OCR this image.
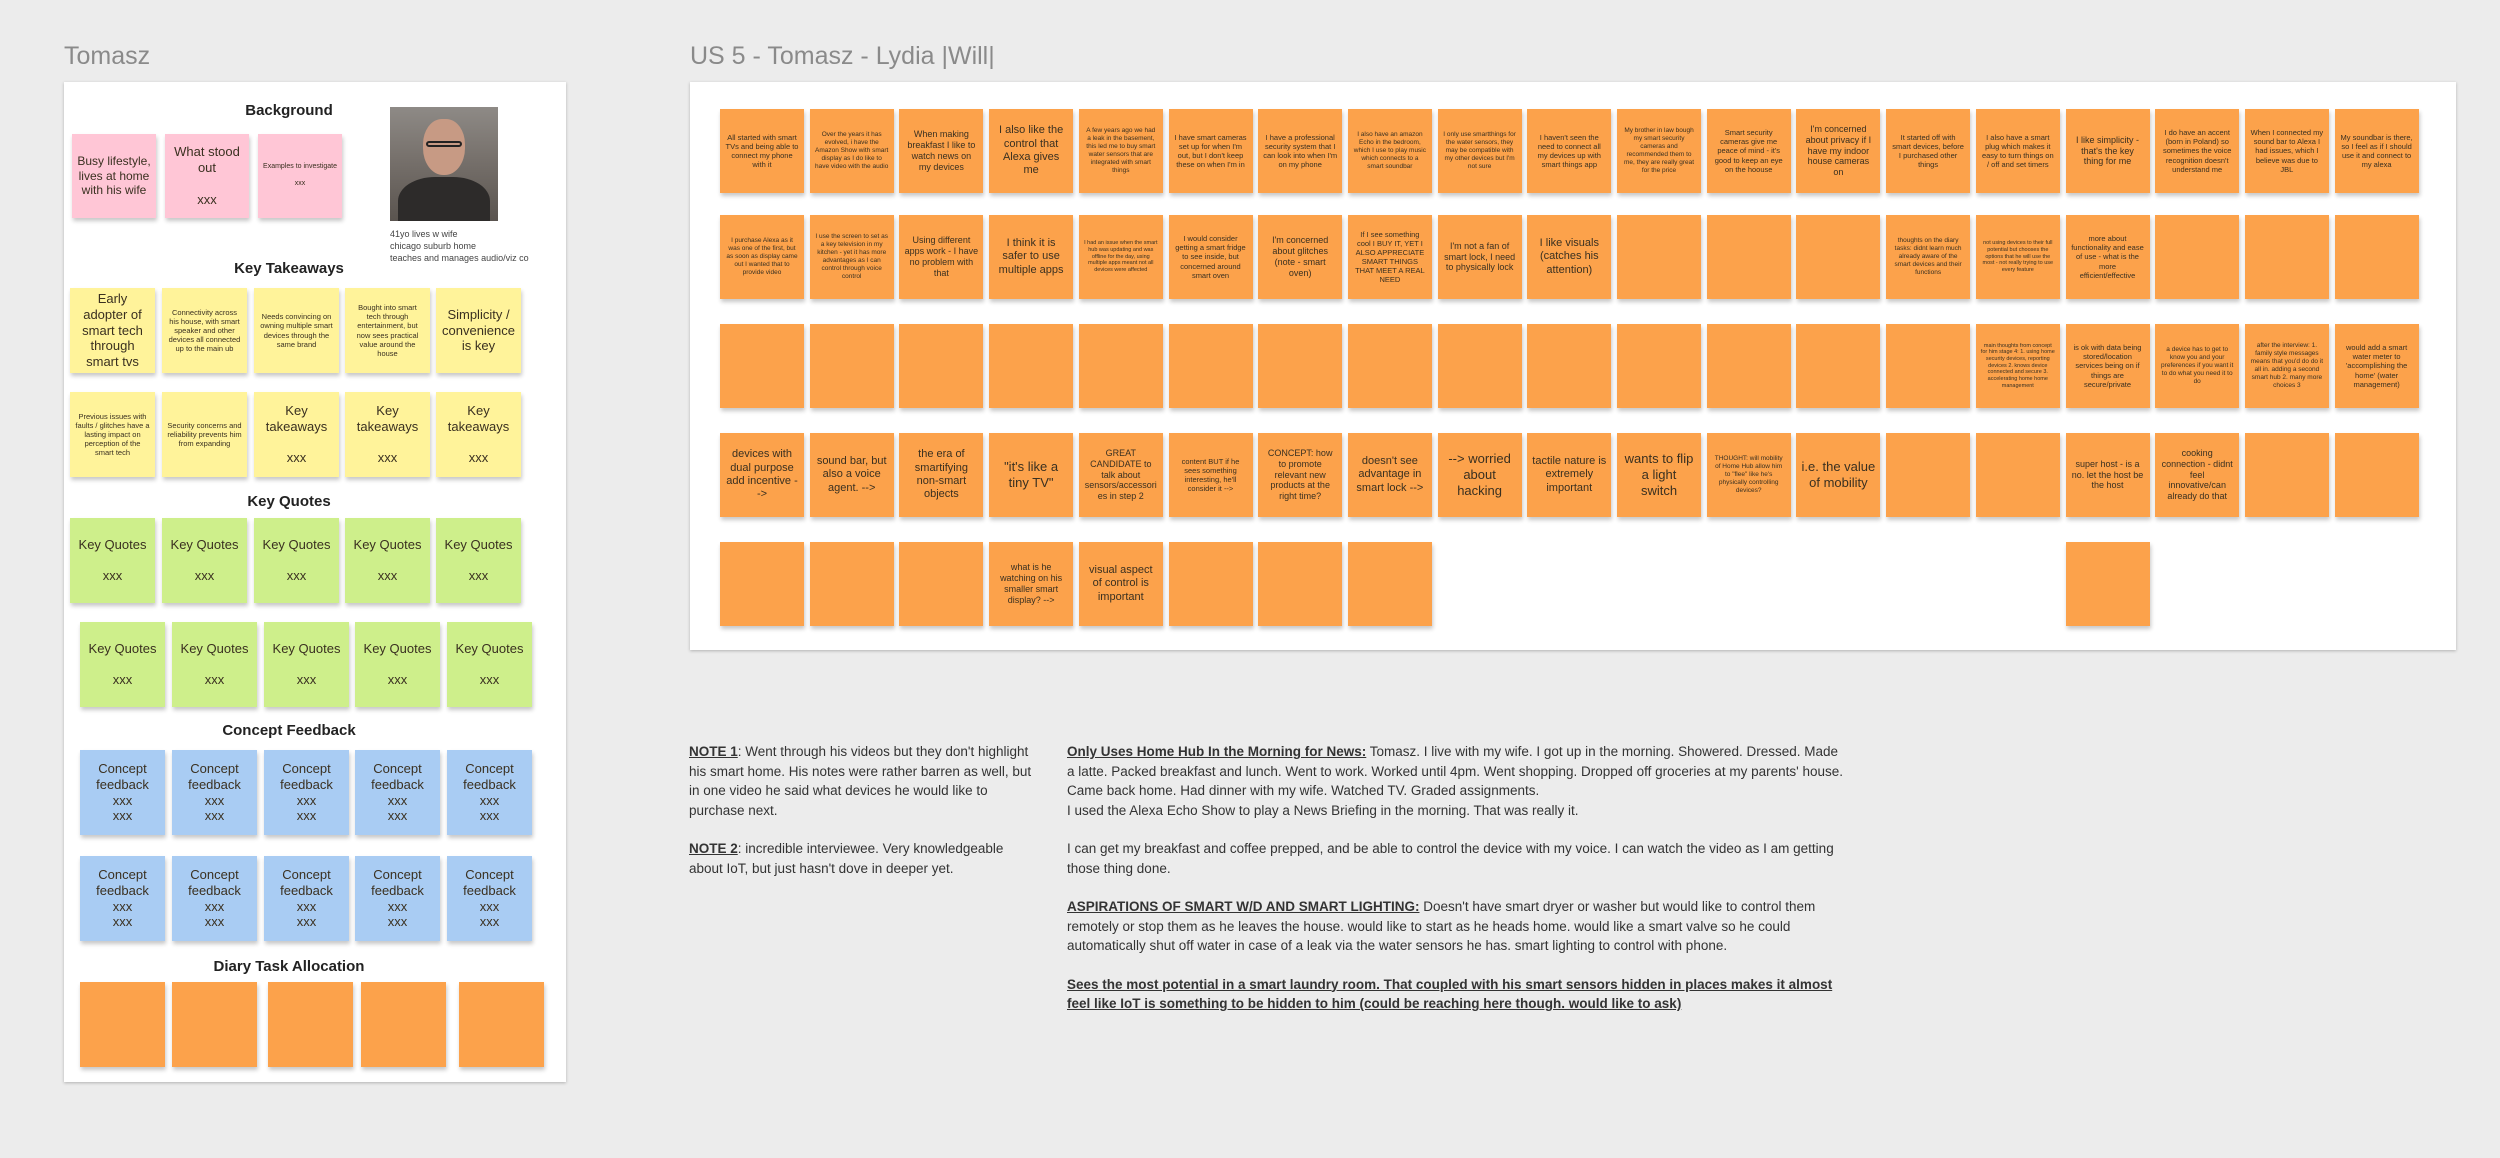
Tomasz	US 5 - Tomasz - Lydia |Will|
Background
41yo lives w wife
chicago suburb home
teaches and manages audio/viz co
Key Takeaways
Key Quotes
Concept Feedback
Diary Task Allocation
Busy lifestyle, lives at home with his wife
What stood out

xxx
Examples to investigate

xxx
Early adopter of smart tech through smart tvs
Connectivity across his house, with smart speaker and other devices all connected up to the main ub
Needs convincing on owning multiple smart devices through the same brand
Bought into smart tech through entertainment, but now sees practical value around the house
Simplicity / convenience is key
Previous issues with faults / glitches have a lasting impact on perception of the smart tech
Security concerns and reliability prevents him from expanding
Key takeaways

xxx
Key takeaways

xxx
Key takeaways

xxx
Key Quotes

xxx
Key Quotes

xxx
Key Quotes

xxx
Key Quotes

xxx
Key Quotes

xxx
Key Quotes

xxx
Key Quotes

xxx
Key Quotes

xxx
Key Quotes

xxx
Key Quotes

xxx
Concept feedback
xxx
xxx
Concept feedback
xxx
xxx
Concept feedback
xxx
xxx
Concept feedback
xxx
xxx
Concept feedback
xxx
xxx
Concept feedback
xxx
xxx
Concept feedback
xxx
xxx
Concept feedback
xxx
xxx
Concept feedback
xxx
xxx
Concept feedback
xxx
xxx
All started with smart TVs and being able to connect my phone with it
Over the years it has evolved, i have the Amazon Show with smart display as I do like to have video with the audio
When making breakfast I like to watch news on my devices
I also like the control that Alexa gives me
A few years ago we had a leak in the basement, this led me to buy smart water sensors that are integrated with smart things
I have smart cameras set up for when I'm out, but I don't keep these on when I'm in
I have a professional security system that I can look into when I'm on my phone
I also have an amazon Echo in the bedroom, which I use to play music which connects to a smart soundbar
I only use smartthings for the water sensors, they may be compatible with my other devices but I'm not sure
I haven't seen the need to connect all my devices up with smart things app
My brother in law bough my smart security cameras and recommended them to me, they are really great for the price
Smart security cameras give me peace of mind - it's good to keep an eye on the hoouse
I'm concerned about privacy if I have my indoor house cameras on
It started off with smart devices, before I purchased other things
I also have a smart plug which makes it easy to turn things on / off and set timers
I like simplicity - that's the key thing for me
I do have an accent (born in Poland) so sometimes the voice recognition doesn't understand me
When I connected my sound bar to Alexa I had issues, which I believe was due to JBL
My soundbar is there, so I feel as if I should use it and connect to my alexa
I purchase Alexa as it was one of the first, but as soon as display came out I wanted that to provide video
I use the screen to set as a key television in my kitchen - yet it has more advantages as I can control through voice control
Using different apps work - I have no problem with that
I think it is safer to use multiple apps
I had an issue when the smart hub was updating and was offline for the day, using multiple apps meant not all devices were affected
I would consider getting a smart fridge to see inside, but concerned around smart oven
I'm concerned about glitches (note - smart oven)
If I see something cool I BUY IT, YET I ALSO APPRECIATE SMART THINGS THAT MEET A REAL NEED
I'm not a fan of smart lock, I need to physically lock
I like visuals (catches his attention)
thoughts on the diary tasks: didnt learn much already aware of the smart devices and their functions
not using devices to their full potential but chooses the options that he will use the most - not really trying to use every feature
more about functionality and ease of use - what is the more efficient/effective
main thoughts from concept for him stage 4: 1. using home security devices, reporting devices 2. knows device connected and secure 3. accelerating home home management
is ok with data being stored/location services being on if things are secure/private
a device has to get to know you and your preferences if you want it to do what you need it to do
after the interview: 1. family style messages means that you'd do do it all in. adding a second smart hub 2. many more choices 3
would add a smart water meter to 'accomplishing the home' (water management)
devices with dual purpose add incentive -->
sound bar, but also a voice agent. -->
the era of smartifying non-smart objects
"it's like a tiny TV"
GREAT CANDIDATE to talk about sensors/accessories in step 2
content BUT if he sees something interesting, he'll consider it -->
CONCEPT: how to promote relevant new products at the right time?
doesn't see advantage in smart lock -->
--> worried about hacking
tactile nature is extremely important
wants to flip a light switch
THOUGHT: will mobility of Home Hub allow him to "flee" like he's physically controlling devices?
i.e. the value of mobility
super host - is a no. let the host be the host
cooking connection - didnt feel innovative/can already do that
what is he watching on his smaller smart display? -->
visual aspect of control is important

NOTE 1: Went through his videos but they don't highlight his smart home. His notes were rather barren as well, but in one video he said what devices he would like to purchase next.

NOTE 2: incredible interviewee. Very knowledgeable about IoT, but just hasn't dove in deeper yet.

Only Uses Home Hub In the Morning for News: Tomasz. I live with my wife. I got up in the morning. Showered. Dressed. Made a latte. Packed breakfast and lunch. Went to work. Worked until 4pm. Went shopping. Dropped off groceries at my parents' house. Came back home. Had dinner with my wife. Watched TV. Graded assignments.
I used the Alexa Echo Show to play a News Briefing in the morning. That was really it.

I can get my breakfast and coffee prepped, and be able to control the device with my voice. I can watch the video as I am getting those thing done.

ASPIRATIONS OF SMART W/D AND SMART LIGHTING: Doesn't have smart dryer or washer but would like to control them remotely or stop them as he leaves the house. would like to start as he heads home. would like a smart valve so he could automatically shut off water in case of a leak via the water sensors he has. smart lighting to control with phone.

Sees the most potential in a smart laundry room. That coupled with his smart sensors hidden in places makes it almost feel like IoT is something to be hidden to him (could be reaching here though. would like to ask)
